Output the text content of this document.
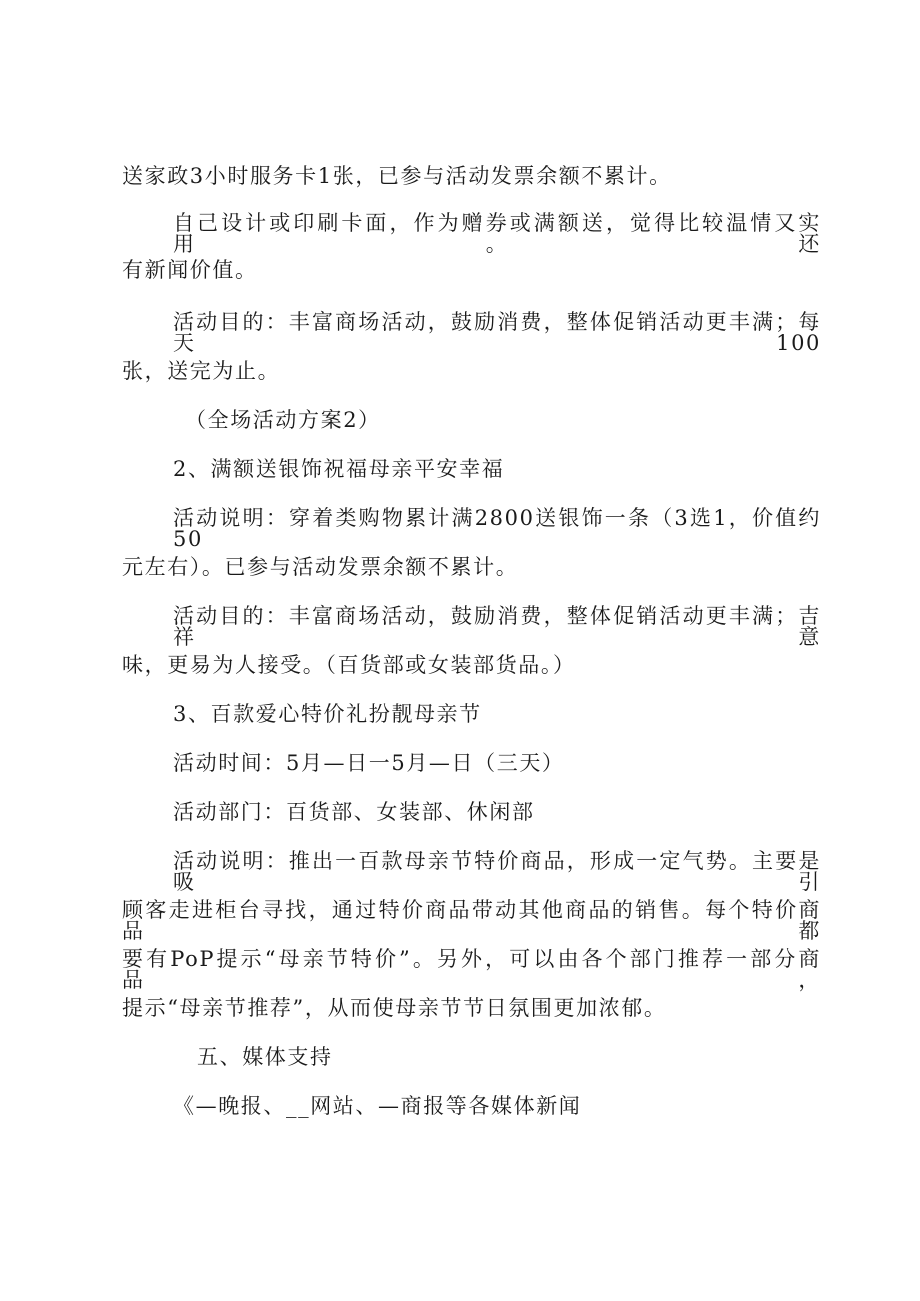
送家政3小时服务卡1张，已参与活动发票余额不累计。
自己设计或印刷卡面，作为赠券或满额送，觉得比较温情又实用。还
有新闻价值。
活动目的：丰富商场活动，鼓励消费，整体促销活动更丰满；每天100
张，送完为止。
（全场活动方案2）
2、满额送银饰祝福母亲平安幸福
活动说明：穿着类购物累计满2800送银饰一条（3选1，价值约50
元左右）。已参与活动发票余额不累计。
活动目的：丰富商场活动，鼓励消费，整体促销活动更丰满；吉祥意
味，更易为人接受。（百货部或女装部货品。）
3、百款爱心特价礼扮靓母亲节
活动时间：5月—日一5月—日（三天）
活动部门：百货部、女装部、休闲部
活动说明：推出一百款母亲节特价商品，形成一定气势。主要是吸引
顾客走进柜台寻找，通过特价商品带动其他商品的销售。每个特价商品都
要有PoP提示“母亲节特价”。另外，可以由各个部门推荐一部分商品，
提示“母亲节推荐”，从而使母亲节节日氛围更加浓郁。
五、媒体支持
《—晚报、__网站、—商报等各媒体新闻
